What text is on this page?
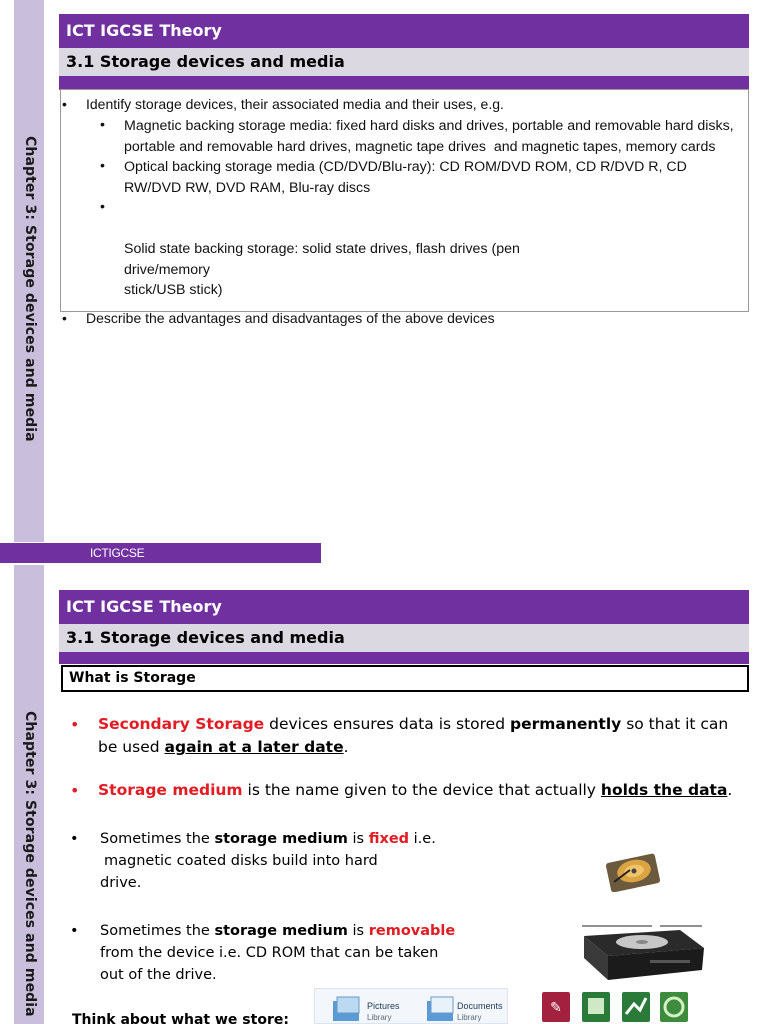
Chapter 3: Storage devices and media
ICT IGCSE Theory
3.1 Storage devices and media
• Identify storage devices, their associated media and their uses, e.g.
• Magnetic backing storage media: fixed hard disks and drives, portable and removable hard disks, portable and removable hard drives, magnetic tape drives  and magnetic tapes, memory cards
• Optical backing storage media (CD/DVD/Blu-ray): CD ROM/DVD ROM, CD R/DVD R, CD RW/DVD RW, DVD RAM, Blu-ray discs

•

Solid state backing storage: solid state drives, flash drives (pen drive/memory
stick/USB stick)

• Describe the advantages and disadvantages of the above devices
ICTIGCSE
Chapter 3: Storage devices and media
ICT IGCSE Theory
3.1 Storage devices and media
What is Storage
•	Secondary Storage devices ensures data is stored permanently so that it can be used again at a later date.
•	Storage medium is the name given to the device that actually holds the data.
•	Sometimes the storage medium is fixed i.e.
magnetic coated disks build into hard
drive.
•	Sometimes the storage medium is removable
from the device i.e. CD ROM that can be taken
out of the drive.
Pictures
Library
Documents
Library
✎
Think about what we store:
